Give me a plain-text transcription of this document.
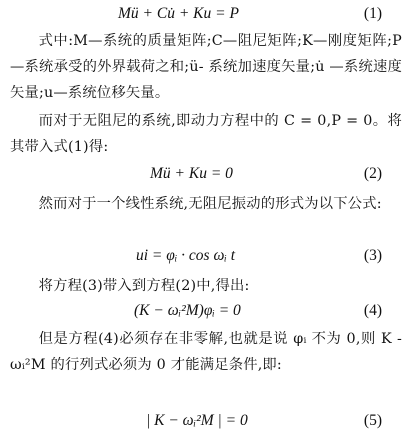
Mü + Cu̇ + Ku = P	(1)
式中:M—系统的质量矩阵;C—阻尼矩阵;K—刚度矩阵;P—系统承受的外界载荷之和;ü- 系统加速度矢量;u̇ —系统速度矢量;u—系统位移矢量。
而对于无阻尼的系统,即动力方程中的 C = 0,P = 0。将其带入式(1)得:
Mü + Ku = 0	(2)
然而对于一个线性系统,无阻尼振动的形式为以下公式:
uі = φᵢ · cos ωᵢ t	(3)
将方程(3)带入到方程(2)中,得出:
(K − ωᵢ²M)φᵢ = 0	(4)
但是方程(4)必须存在非零解,也就是说 φᵢ 不为 0,则 K - ωᵢ²M 的行列式必须为 0 才能满足条件,即:
| K − ωᵢ²M | = 0	(5)
